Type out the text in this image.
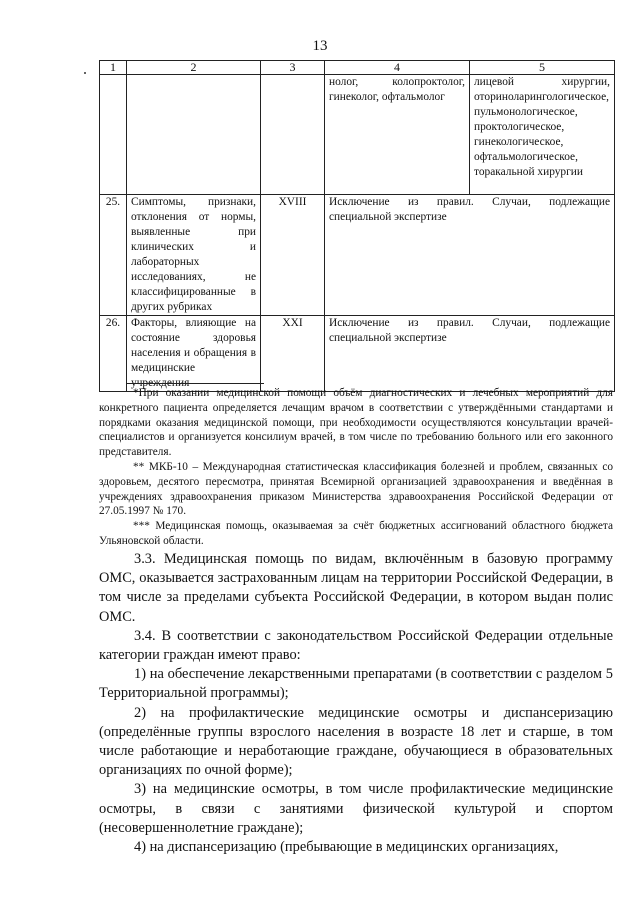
13
1	2	3	4	5
			нолог, колопроктолог, гинеколог, офтальмолог	лицевой хирургии, оториноларингологическое, пульмонологическое, проктологическое, гинекологическое, офтальмологическое, торакальной хирургии
25.	Симптомы, признаки, отклонения от нормы, выявленные при клинических и лабораторных исследованиях, не классифицированные в других рубриках	XVIII	Исключение из правил. Случаи, подлежащие специальной экспертизе	
26.	Факторы, влияющие на состояние здоровья населения и обращения в медицинские учреждения	XXI	Исключение из правил. Случаи, подлежащие специальной экспертизе	

*При оказании медицинской помощи объём диагностических и лечебных мероприятий для конкретного пациента определяется лечащим врачом в соответствии с утверждёнными стандартами и порядками оказания медицинской помощи, при необходимости осуществляются консультации врачей-специалистов и организуется консилиум врачей, в том числе по требованию больного или его законного представителя.

** МКБ-10 – Международная статистическая классификация болезней и проблем, связанных со здоровьем, десятого пересмотра, принятая Всемирной организацией здравоохранения и введённая в учреждениях здравоохранения приказом Министерства здравоохранения Российской Федерации от 27.05.1997 № 170.

*** Медицинская помощь, оказываемая за счёт бюджетных ассигнований областного бюджета Ульяновской области.

3.3. Медицинская помощь по видам, включённым в базовую программу ОМС, оказывается застрахованным лицам на территории Российской Федерации, в том числе за пределами субъекта Российской Федерации, в котором выдан полис ОМС.

3.4. В соответствии с законодательством Российской Федерации отдельные категории граждан имеют право:

1) на обеспечение лекарственными препаратами (в соответствии с разделом 5 Территориальной программы);

2) на профилактические медицинские осмотры и диспансеризацию (определённые группы взрослого населения в возрасте 18 лет и старше, в том числе работающие и неработающие граждане, обучающиеся в образовательных организациях по очной форме);

3) на медицинские осмотры, в том числе профилактические медицинские осмотры, в связи с занятиями физической культурой и спортом (несовершеннолетние граждане);

4) на диспансеризацию (пребывающие в медицинских организациях,
